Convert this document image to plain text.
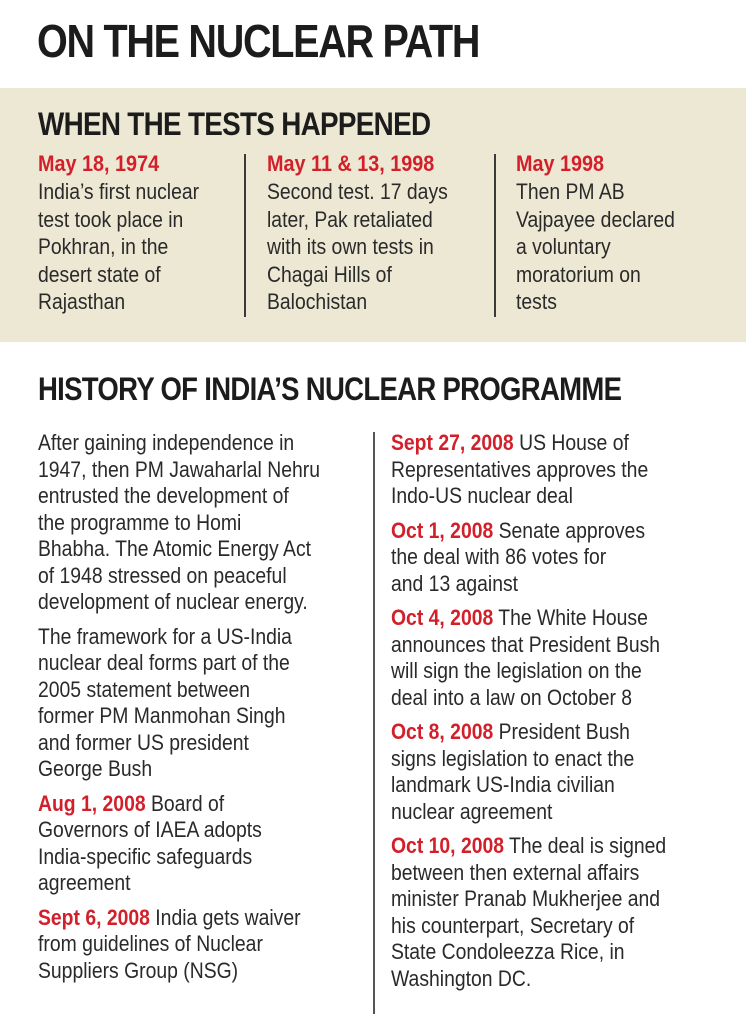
ON THE NUCLEAR PATH
WHEN THE TESTS HAPPENED
May 18, 1974
India’s first nuclear
test took place in
Pokhran, in the
desert state of
Rajasthan
May 11 & 13, 1998
Second test. 17 days
later, Pak retaliated
with its own tests in
Chagai Hills of
Balochistan
May 1998
Then PM AB
Vajpayee declared
a voluntary
moratorium on
tests
HISTORY OF INDIA’S NUCLEAR PROGRAMME
After gaining independence in
1947, then PM Jawaharlal Nehru
entrusted the development of
the programme to Homi
Bhabha. The Atomic Energy Act
of 1948 stressed on peaceful
development of nuclear energy.
The framework for a US-India
nuclear deal forms part of the
2005 statement between
former PM Manmohan Singh
and former US president
George Bush
Aug 1, 2008 Board of
Governors of IAEA adopts
India-specific safeguards
agreement
Sept 6, 2008 India gets waiver
from guidelines of Nuclear
Suppliers Group (NSG)
Sept 27, 2008 US House of
Representatives approves the
Indo-US nuclear deal
Oct 1, 2008 Senate approves
the deal with 86 votes for
and 13 against
Oct 4, 2008 The White House
announces that President Bush
will sign the legislation on the
deal into a law on October 8
Oct 8, 2008 President Bush
signs legislation to enact the
landmark US-India civilian
nuclear agreement
Oct 10, 2008 The deal is signed
between then external affairs
minister Pranab Mukherjee and
his counterpart, Secretary of
State Condoleezza Rice, in
Washington DC.
